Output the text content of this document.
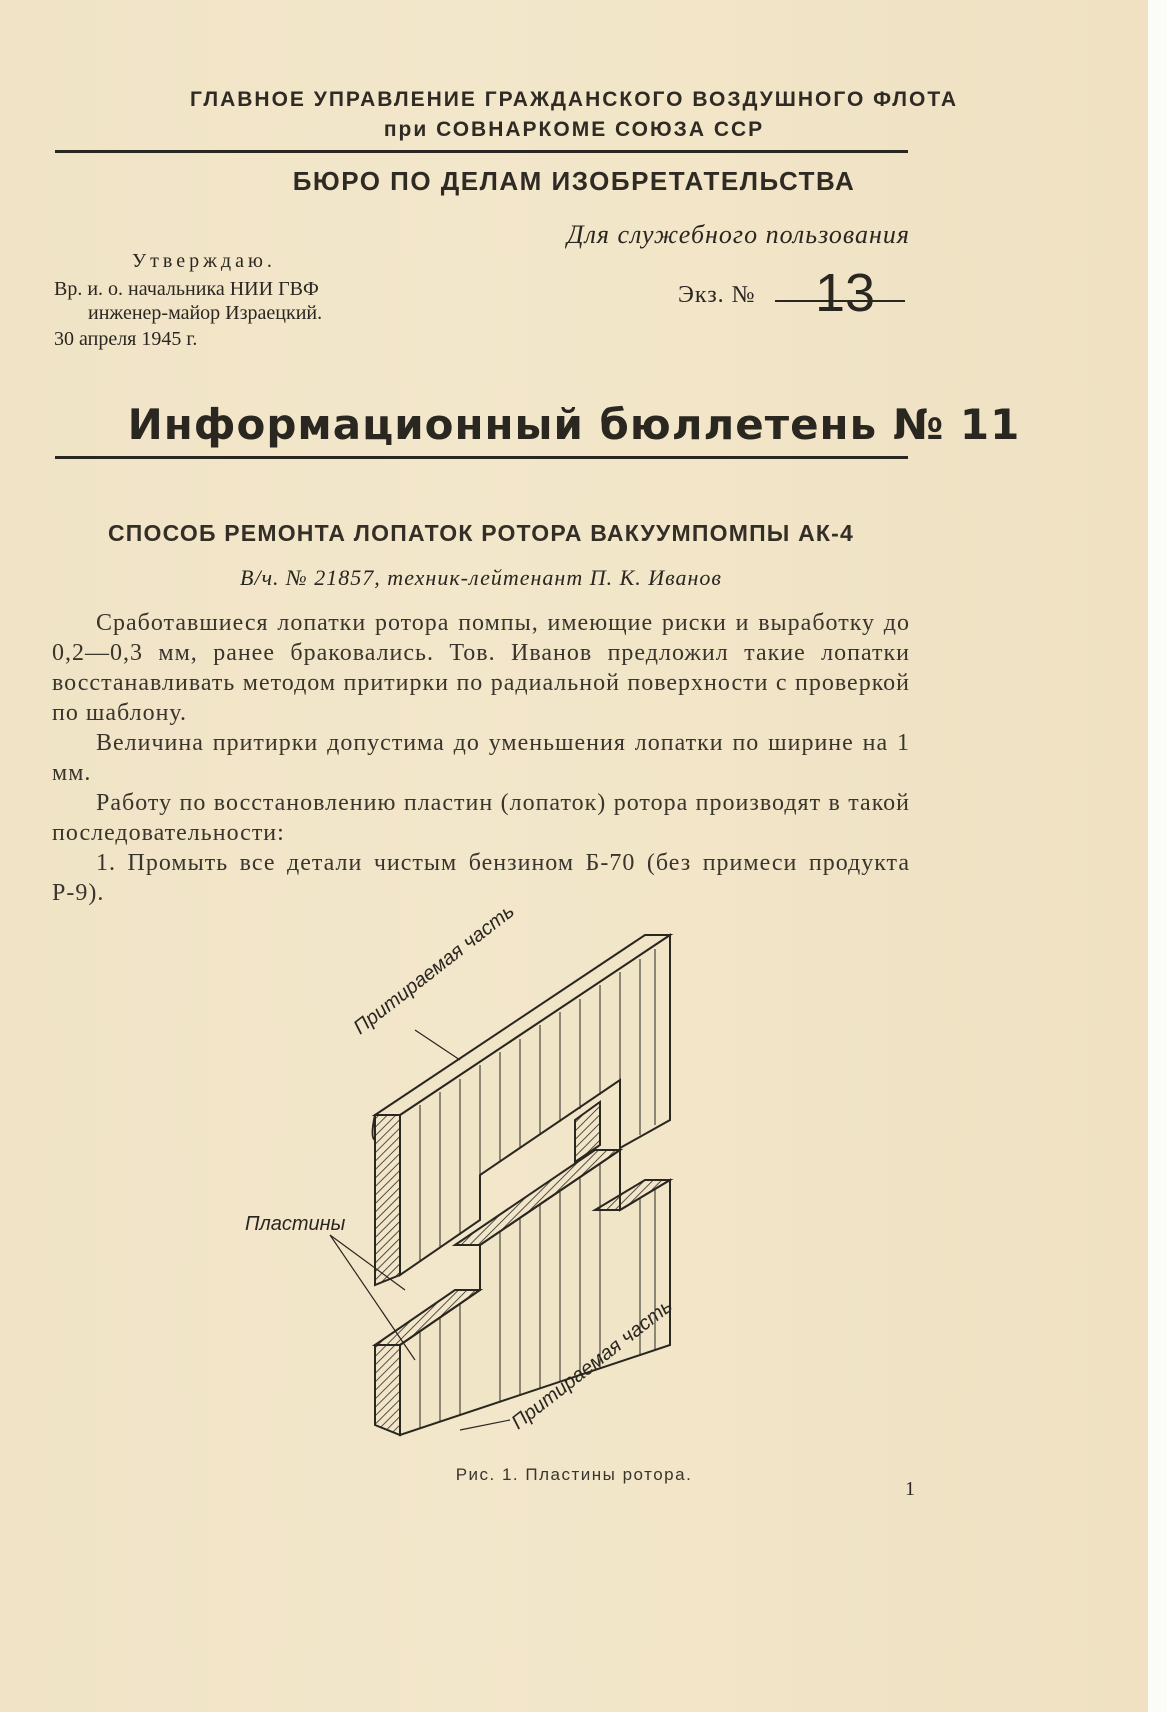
ГЛАВНОЕ УПРАВЛЕНИЕ ГРАЖДАНСКОГО ВОЗДУШНОГО ФЛОТА
при СОВНАРКОМЕ СОЮЗА ССР
БЮРО ПО ДЕЛАМ ИЗОБРЕТАТЕЛЬСТВА
Для служебного пользования
Утверждаю.
Вр. и. о. начальника НИИ ГВФ
инженер-майор Израецкий.
30 апреля 1945 г.
Экз. № 13
Информационный бюллетень № 11
СПОСОБ РЕМОНТА ЛОПАТОК РОТОРА ВАКУУМПОМПЫ АК-4
В/ч. № 21857, техник-лейтенант П. К. Иванов

Сработавшиеся лопатки ротора помпы, имеющие риски и выработку до 0,2—0,3 мм, ранее браковались. Тов. Иванов предложил такие лопатки восстанавливать методом притирки по радиальной поверхности с проверкой по шаблону.

Величина притирки допустима до уменьшения лопатки по ширине на 1 мм.

Работу по восстановлению пластин (лопаток) ротора производят в такой последовательности:

1. Промыть все детали чистым бензином Б-70 (без примеси продукта Р-9).

Притираемая часть
Пластины
Притираемая часть
Рис. 1. Пластины ротора.
1
